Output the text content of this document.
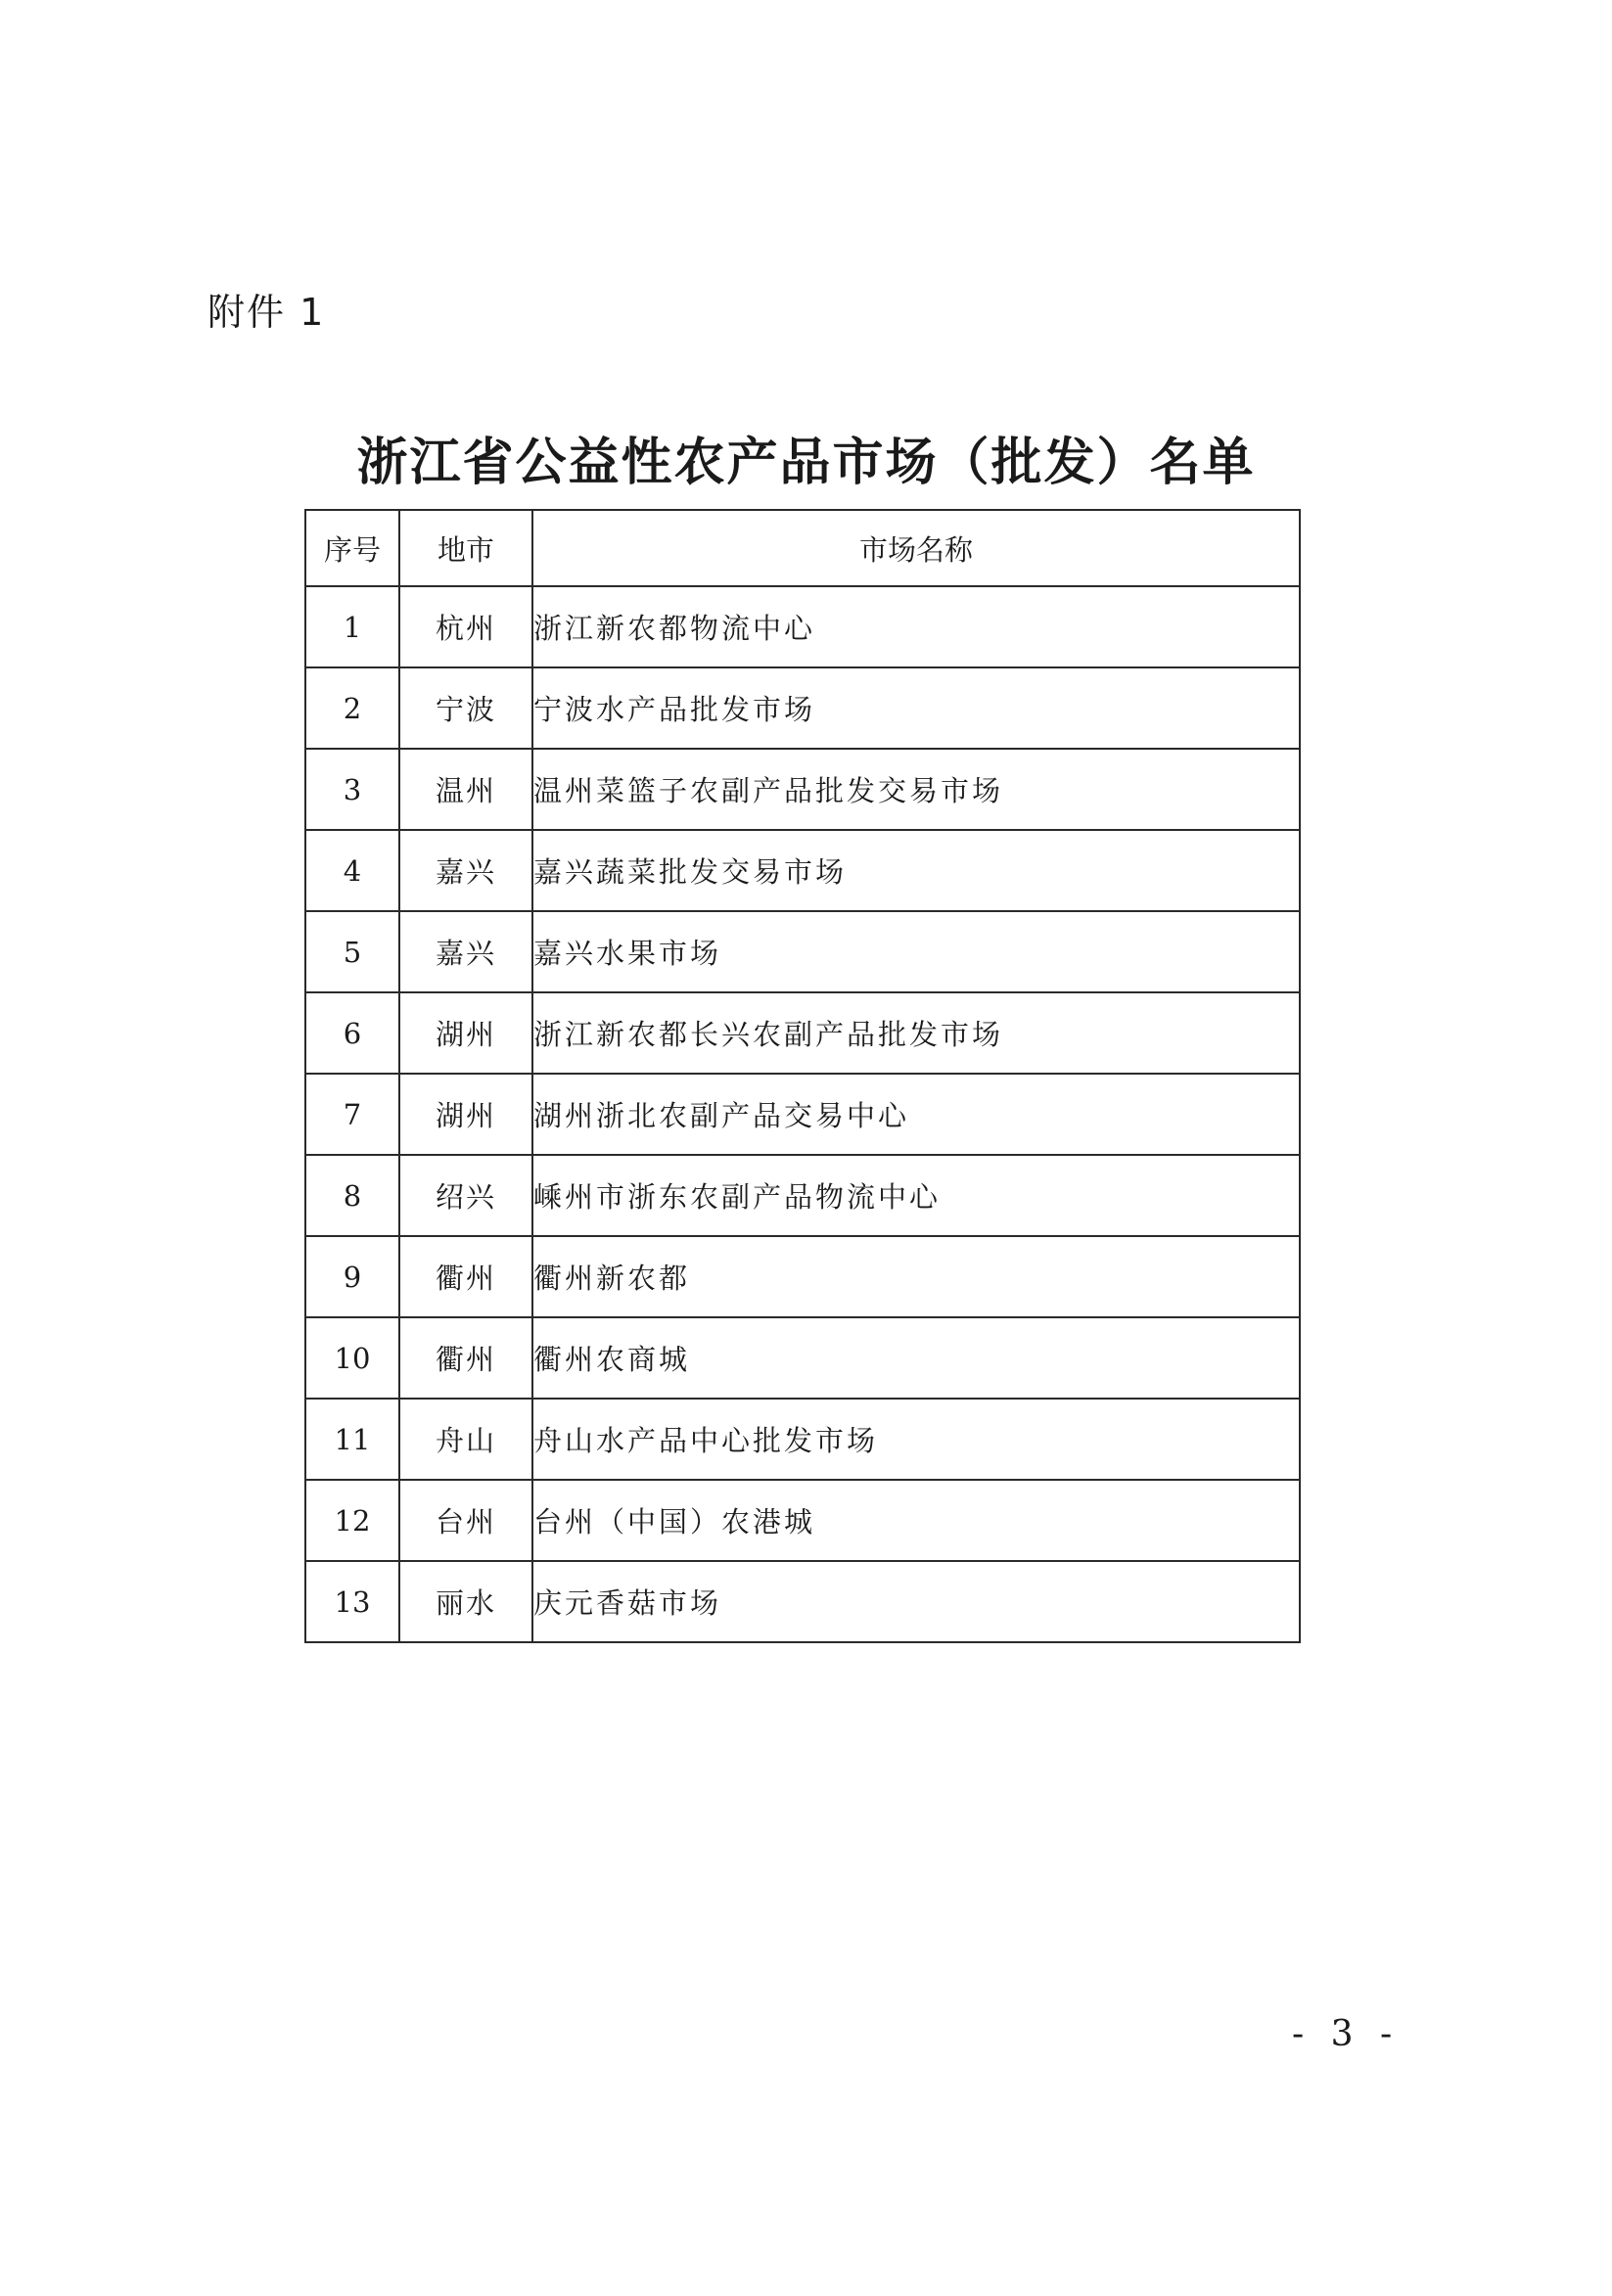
附件 1
浙江省公益性农产品市场（批发）名单
序号	地市	市场名称
1	杭州	浙江新农都物流中心
2	宁波	宁波水产品批发市场
3	温州	温州菜篮子农副产品批发交易市场
4	嘉兴	嘉兴蔬菜批发交易市场
5	嘉兴	嘉兴水果市场
6	湖州	浙江新农都长兴农副产品批发市场
7	湖州	湖州浙北农副产品交易中心
8	绍兴	嵊州市浙东农副产品物流中心
9	衢州	衢州新农都
10	衢州	衢州农商城
11	舟山	舟山水产品中心批发市场
12	台州	台州（中国）农港城
13	丽水	庆元香菇市场
- 3 -
